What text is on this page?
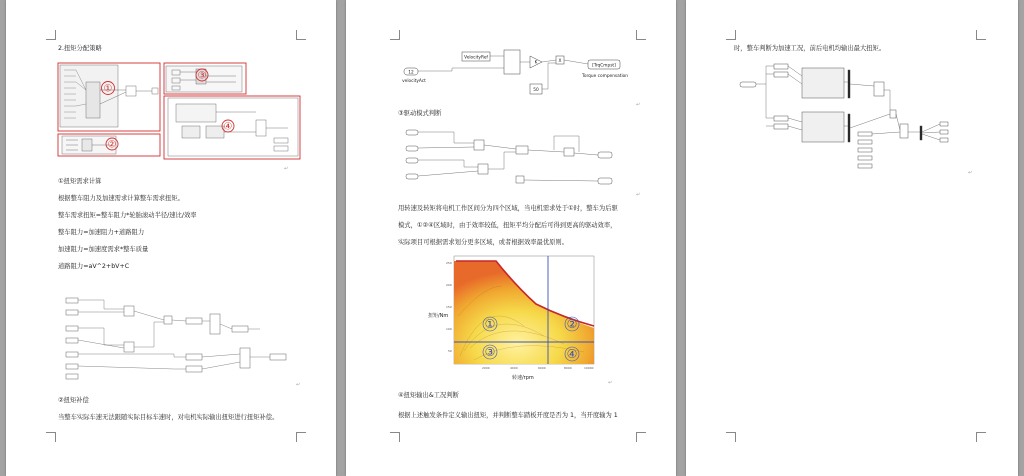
2.扭矩分配策略
①
③
④
②
↵
①扭矩需求计算
根据整车阻力及加速需求计算整车需求扭矩。
整车需求扭矩=整车阻力*轮胎滚动半径/速比/效率
整车阻力=加速阻力+道路阻力
加速阻力=加速度需求*整车质量
道路阻力=aV^2+bV+C
↵
②扭矩补偿
当整车实际车速无法跟随实际目标车速时，对电机实际输出扭矩进行扭矩补偿。
VelocityRef
12
velocityAct
[TrqCmpst]
Torque compensation
50
K	X
↵
③驱动模式判断
↵
用转速及转矩将电机工作区间分为四个区域，当电机需求处于①时，整车为后驱
模式，①②④区域时，由于效率较低，扭矩平均分配后可得到更高的驱动效率，
实际项目可根据需求划分更多区域，或者根据效率最优原则。
扭矩/Nm
①	②
③	④
250
200
150
100
50
2000	4000	6000	8000	10000
转速/rpm
↵
④扭矩输出&工况判断
根据上述触发条件定义输出扭矩，并判断整车踏板开度是否为 1，当开度输为 1
时，整车判断为加速工况，前后电机均输出最大扭矩。
↵
